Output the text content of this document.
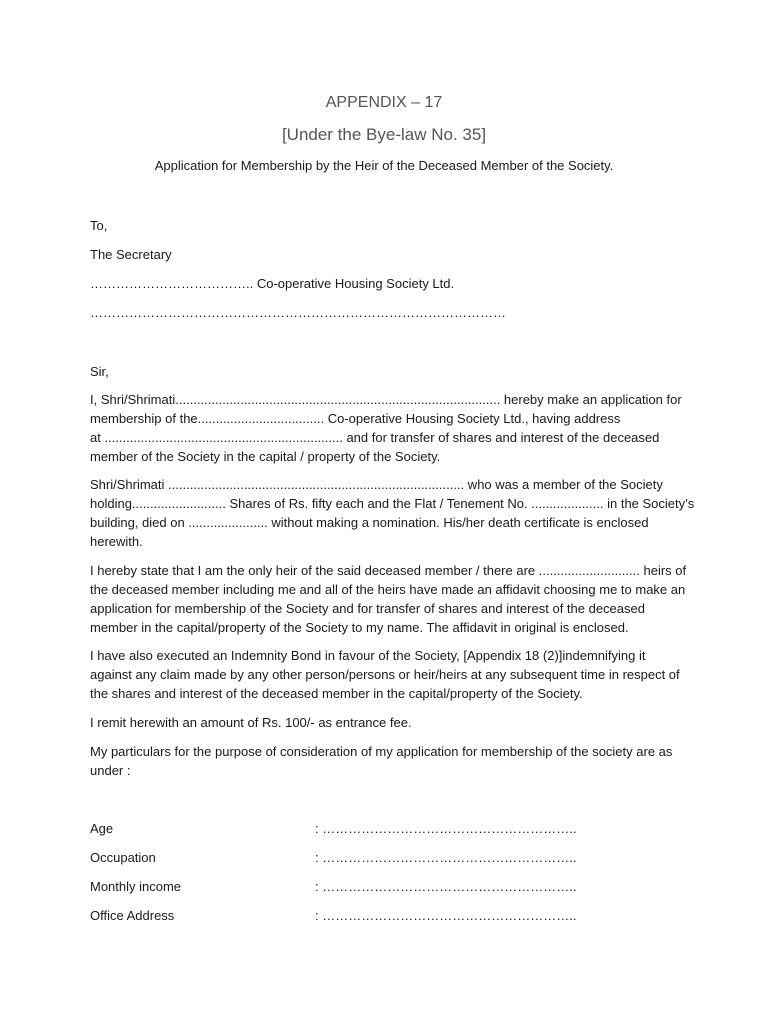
APPENDIX – 17
[Under the Bye-law No. 35]
Application for Membership by the Heir of the Deceased Member of the Society.
To,
The Secretary
……………………………….. Co-operative Housing Society Ltd.
……………………………………………………………………………………
Sir,
I, Shri/Shrimati.......................................................................................... hereby make an application for
membership of the................................... Co-operative Housing Society Ltd., having address
at .................................................................. and for transfer of shares and interest of the deceased
member of the Society in the capital / property of the Society.
Shri/Shrimati .................................................................................. who was a member of the Society
holding.......................... Shares of Rs. fifty each and the Flat / Tenement No. .................... in the Society’s
building, died on ...................... without making a nomination. His/her death certificate is enclosed
herewith.
I hereby state that I am the only heir of the said deceased member / there are ............................ heirs of
the deceased member including me and all of the heirs have made an affidavit choosing me to make an
application for membership of the Society and for transfer of shares and interest of the deceased
member in the capital/property of the Society to my name. The affidavit in original is enclosed.
I have also executed an Indemnity Bond in favour of the Society, [Appendix 18 (2)]indemnifying it
against any claim made by any other person/persons or heir/heirs at any subsequent time in respect of
the shares and interest of the deceased member in the capital/property of the Society.
I remit herewith an amount of Rs. 100/- as entrance fee.
My particulars for the purpose of consideration of my application for membership of the society are as
under :
Age	: …………………………………………………..
Occupation	: …………………………………………………..
Monthly income	: …………………………………………………..
Office Address	: …………………………………………………..
